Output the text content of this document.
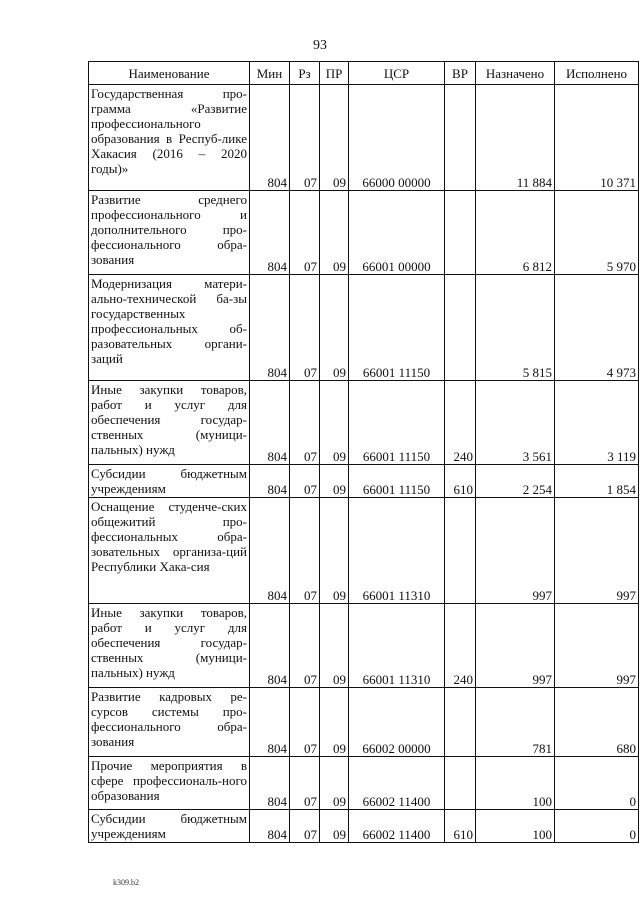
93
Наименование	Мин	Рз	ПР	ЦСР	ВР	Назначено	Исполнено
Государственная про-грамма «Развитие профессионального образования в Респуб-лике Хакасия (2016 – 2020 годы)»	804	07	09	66000 00000		11 884	10 371
Развитие среднего профессионального и дополнительного про-фессионального обра-зования	804	07	09	66001 00000		6 812	5 970
Модернизация матери-ально-технической ба-зы государственных профессиональных об-разовательных органи-заций	804	07	09	66001 11150		5 815	4 973
Иные закупки товаров, работ и услуг для обеспечения государ-ственных (муници-пальных) нужд	804	07	09	66001 11150	240	3 561	3 119
Субсидии бюджетным учреждениям	804	07	09	66001 11150	610	2 254	1 854
Оснащение студенче-ских общежитий про-фессиональных обра-зовательных организа-ций Республики Хака-сия	804	07	09	66001 11310		997	997
Иные закупки товаров, работ и услуг для обеспечения государ-ственных (муници-пальных) нужд	804	07	09	66001 11310	240	997	997
Развитие кадровых ре-сурсов системы про-фессионального обра-зования	804	07	09	66002 00000		781	680
Прочие мероприятия в сфере профессиональ-ного образования	804	07	09	66002 11400		100	0
Субсидии бюджетным учреждениям	804	07	09	66002 11400	610	100	0
k309.b2
